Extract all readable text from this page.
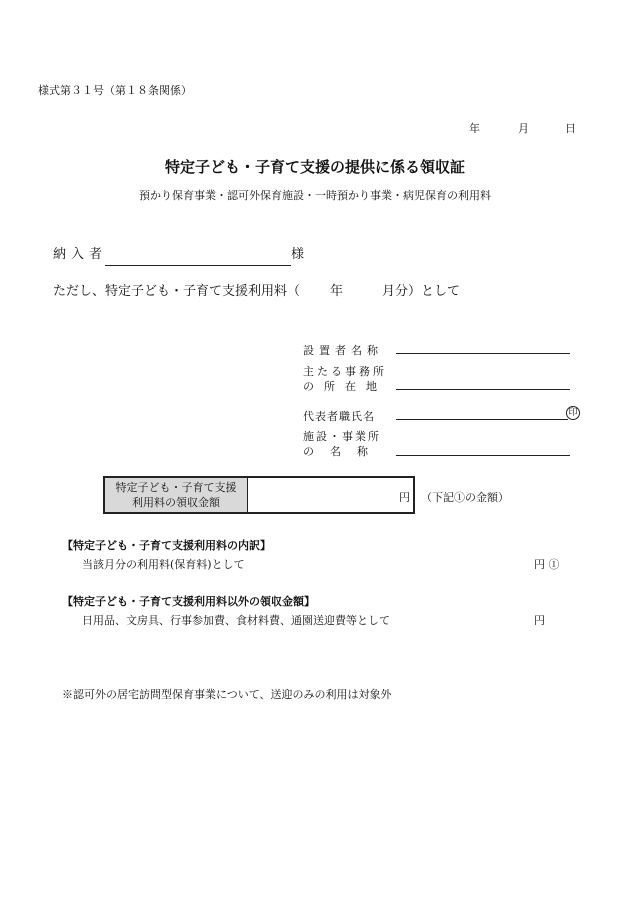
様式第３１号（第１８条関係）
年	月	日
特定子ども・子育て支援の提供に係る領収証
預かり保育事業・認可外保育施設・一時預かり事業・病児保育の利用料
納入者	様
ただし、特定子ども・子育て支援利用料（ 年	月分）として
設置者名称
主たる事務所
の所在地
代表者職氏名	印
施設・事業所
の名称
特定子ども・子育て支援
利用料の領収金額	円 （下記①の金額）
【特定子ども・子育て支援利用料の内訳】
当該月分の利用料(保育料)として	円 ①
【特定子ども・子育て支援利用料以外の領収金額】
日用品、文房具、行事参加費、食材料費、通園送迎費等として	円
※認可外の居宅訪問型保育事業について、送迎のみの利用は対象外
